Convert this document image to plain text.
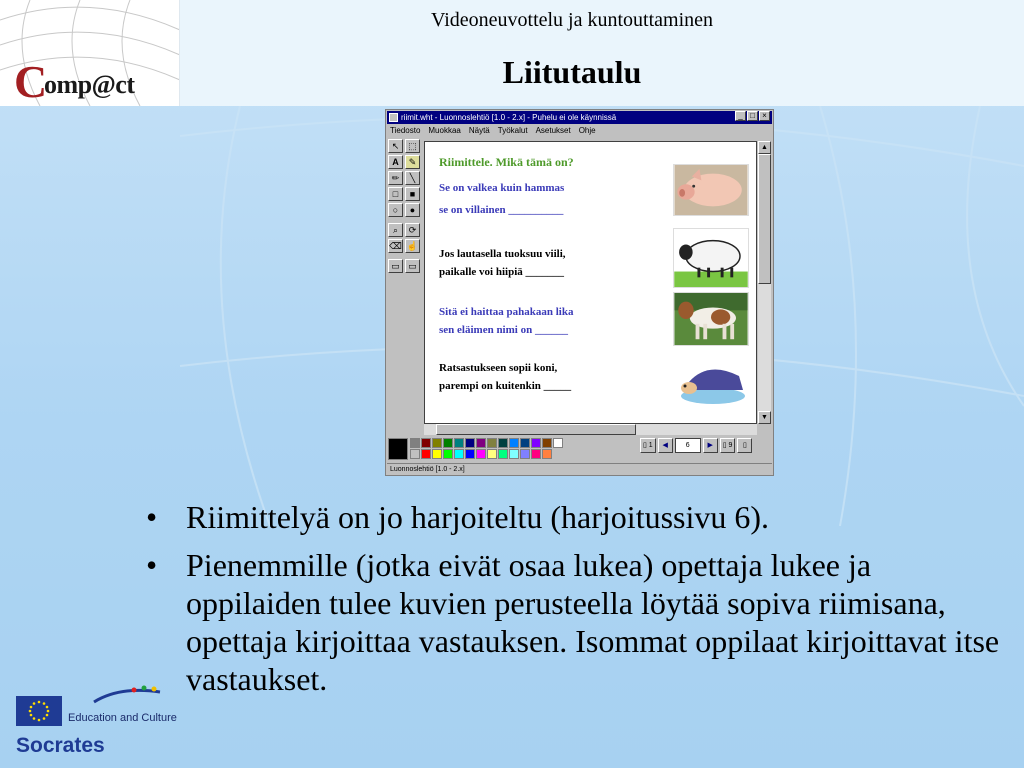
C
omp@ct
Videoneuvottelu ja kuntouttaminen
Liitutaulu
riimit.wht - Luonnoslehtiö [1.0 - 2.x] - Puhelu ei ole käynnissä	_ □ ×
Tiedosto Muokkaa Näytä Työkalut Asetukset Ohje
↖ ⬚
A	✎
✏	╲
□	■
○	●
⌕	⟳
⌫ ☝
▭ ▭
Riimittele. Mikä tämä on?
Se on valkea kuin hammas
se on villainen __________
Jos lautasella tuoksuu viili,
paikalle voi hiipiä _______
Sitä ei haittaa pahakaan lika
sen eläimen nimi on ______
Ratsastukseen sopii koni,
parempi on kuitenkin _____
▲
▼
▯ 1	◀	6	▶	▯ 9	▯
Luonnoslehtiö [1.0 - 2.x]
• Riimittelyä on jo harjoiteltu (harjoitussivu 6).
• Pienemmille (jotka eivät osaa lukea) opettaja lukee ja oppilaiden tulee kuvien perusteella löytää sopiva riimisana, opettaja kirjoittaa vastauksen. Isommat oppilaat kirjoittavat itse vastaukset.
Education and Culture
Socrates
